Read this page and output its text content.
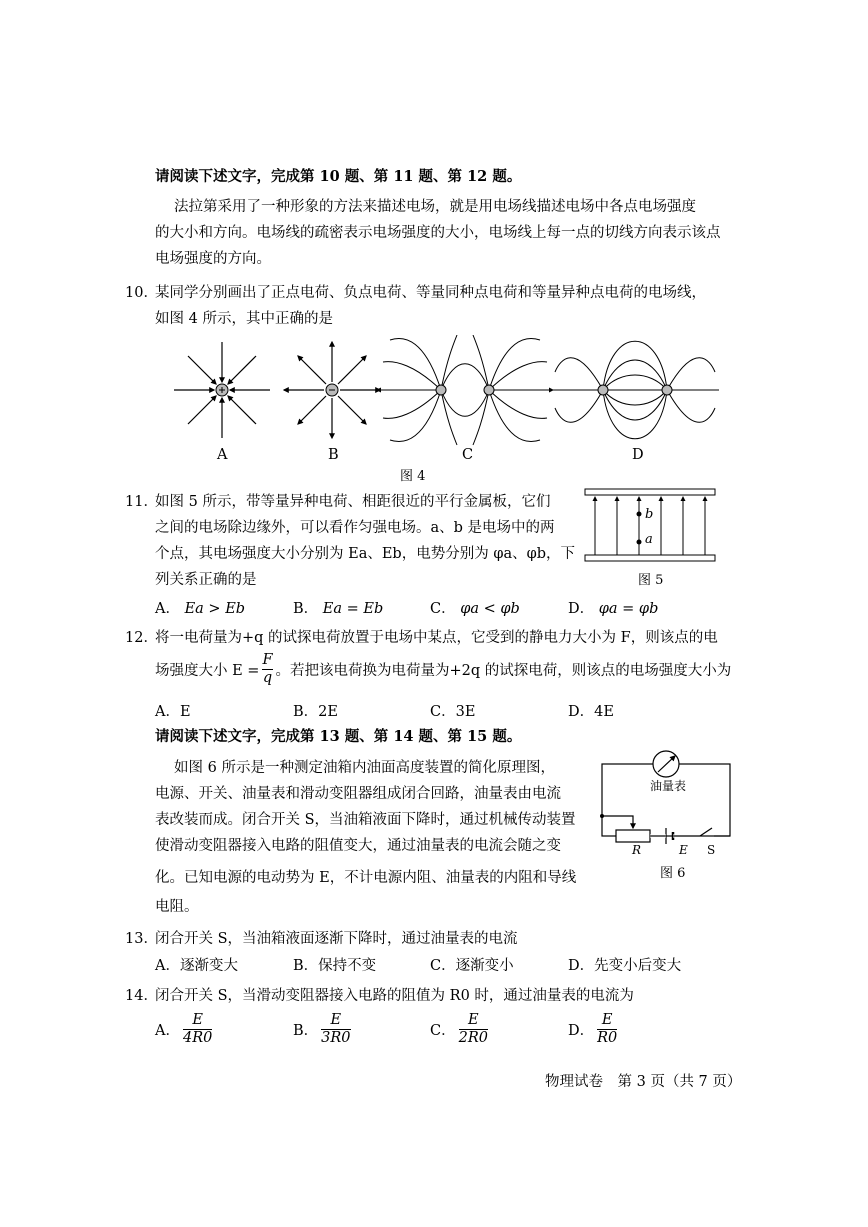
请阅读下述文字，完成第 10 题、第 11 题、第 12 题。
法拉第采用了一种形象的方法来描述电场，就是用电场线描述电场中各点电场强度
的大小和方向。电场线的疏密表示电场强度的大小，电场线上每一点的切线方向表示该点
电场强度的方向。
10．
某同学分别画出了正点电荷、负点电荷、等量同种点电荷和等量异种点电荷的电场线，
如图 4 所示，其中正确的是
A	B	C	D
图 4
11．
如图 5 所示，带等量异种电荷、相距很近的平行金属板，它们
之间的电场除边缘外，可以看作匀强电场。a、b 是电场中的两
个点，其电场强度大小分别为 Ea、Eb，电势分别为 φa、φb，下
列关系正确的是
b
a
图 5
A． Ea > Eb	B． Ea = Eb	C． φa < φb	D． φa = φb
12．
将一电荷量为+q 的试探电荷放置于电场中某点，它受到的静电力大小为 F，则该点的电
场强度大小 $E = \frac{F}{q}$ 。若把该电荷换为电荷量为+2q 的试探电荷，则该点的电场强度大小为
A．E	B．2E	C．3E	D．4E
请阅读下述文字，完成第 13 题、第 14 题、第 15 题。
如图 6 所示是一种测定油箱内油面高度装置的简化原理图，
电源、开关、油量表和滑动变阻器组成闭合回路，油量表由电流
表改装而成。闭合开关 S，当油箱液面下降时，通过机械传动装置
使滑动变阻器接入电路的阻值变大，通过油量表的电流会随之变
化。已知电源的电动势为 E，不计电源内阻、油量表的内阻和导线
电阻。
油量表
R	E S
图 6
13．
闭合开关 S，当油箱液面逐渐下降时，通过油量表的电流
A．逐渐变大	B．保持不变	C．逐渐变小	D．先变小后变大
14．
闭合开关 S，当滑动变阻器接入电路的阻值为 R0 时，通过油量表的电流为
A． $\frac{E}{4R0}$	B． $\frac{E}{3R0}$	C． $\frac{E}{2R0}$	D． $\frac{E}{R0}$
物理试卷　第 3 页（共 7 页）
